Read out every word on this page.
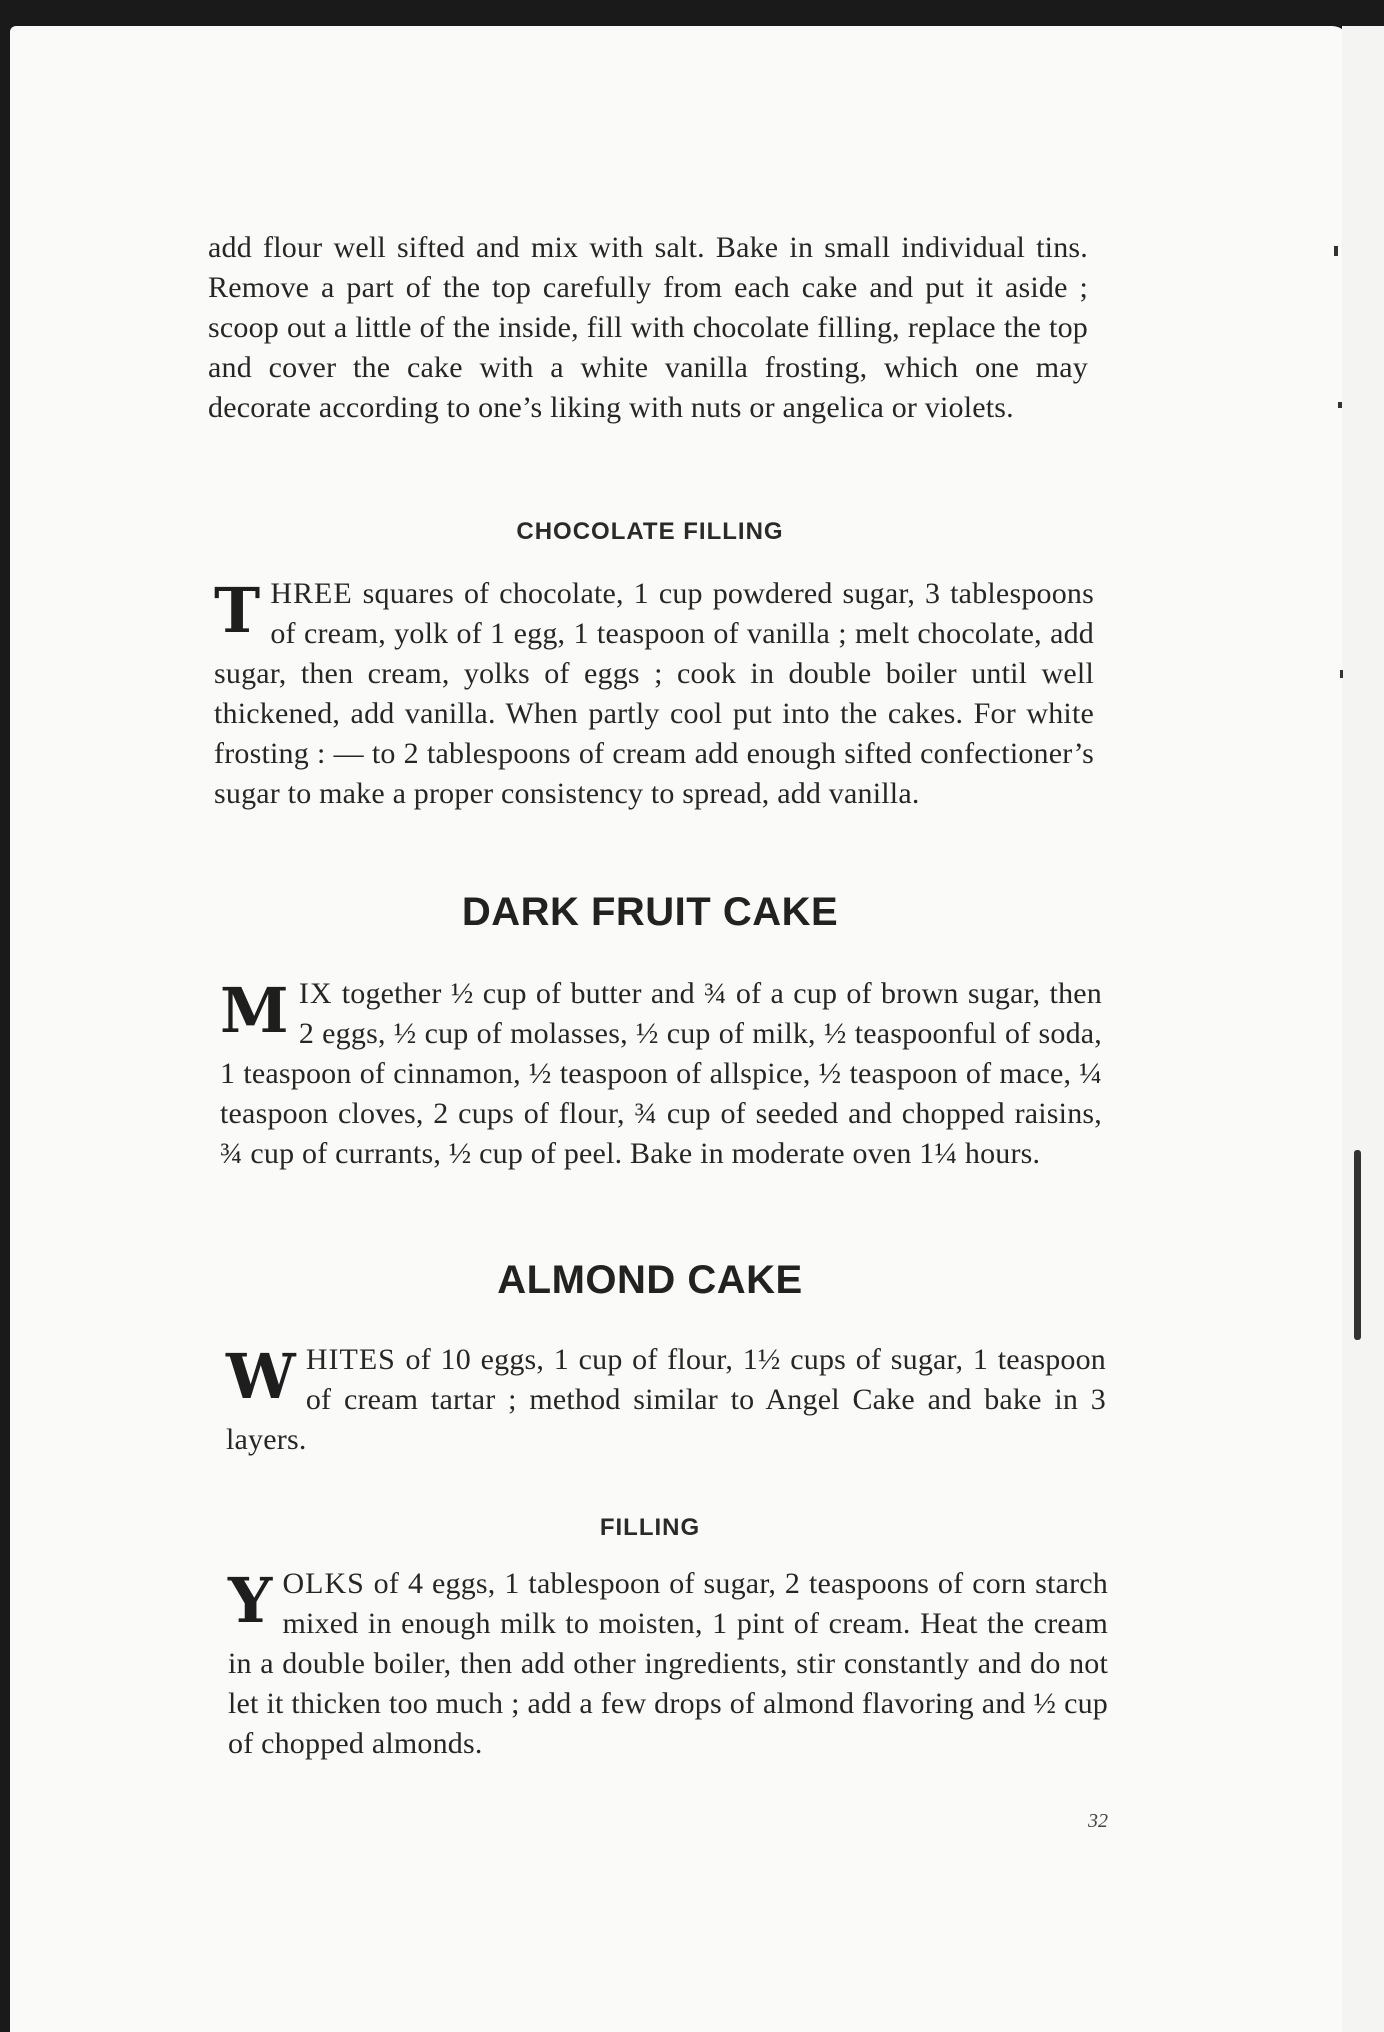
add flour well sifted and mix with salt. Bake in small individual tins. Remove a part of the top carefully from each cake and put it aside ; scoop out a little of the inside, fill with chocolate filling, replace the top and cover the cake with a white vanilla frosting, which one may decorate according to one’s liking with nuts or angelica or violets.
CHOCOLATE FILLING
THREE squares of chocolate, 1 cup powdered sugar, 3 tablespoons of cream, yolk of 1 egg, 1 teaspoon of vanilla ; melt chocolate, add sugar, then cream, yolks of eggs ; cook in double boiler until well thickened, add vanilla. When partly cool put into the cakes. For white frosting : — to 2 tablespoons of cream add enough sifted confectioner’s sugar to make a proper consistency to spread, add vanilla.
DARK FRUIT CAKE
MIX together ½ cup of butter and ¾ of a cup of brown sugar, then 2 eggs, ½ cup of molasses, ½ cup of milk, ½ teaspoonful of soda, 1 teaspoon of cinnamon, ½ teaspoon of allspice, ½ teaspoon of mace, ¼ teaspoon cloves, 2 cups of flour, ¾ cup of seeded and chopped raisins, ¾ cup of currants, ½ cup of peel. Bake in moderate oven 1¼ hours.
ALMOND CAKE
WHITES of 10 eggs, 1 cup of flour, 1½ cups of sugar, 1 teaspoon of cream tartar ; method similar to Angel Cake and bake in 3 layers.
FILLING
YOLKS of 4 eggs, 1 tablespoon of sugar, 2 teaspoons of corn starch mixed in enough milk to moisten, 1 pint of cream. Heat the cream in a double boiler, then add other ingredients, stir constantly and do not let it thicken too much ; add a few drops of almond flavoring and ½ cup of chopped almonds.
32
